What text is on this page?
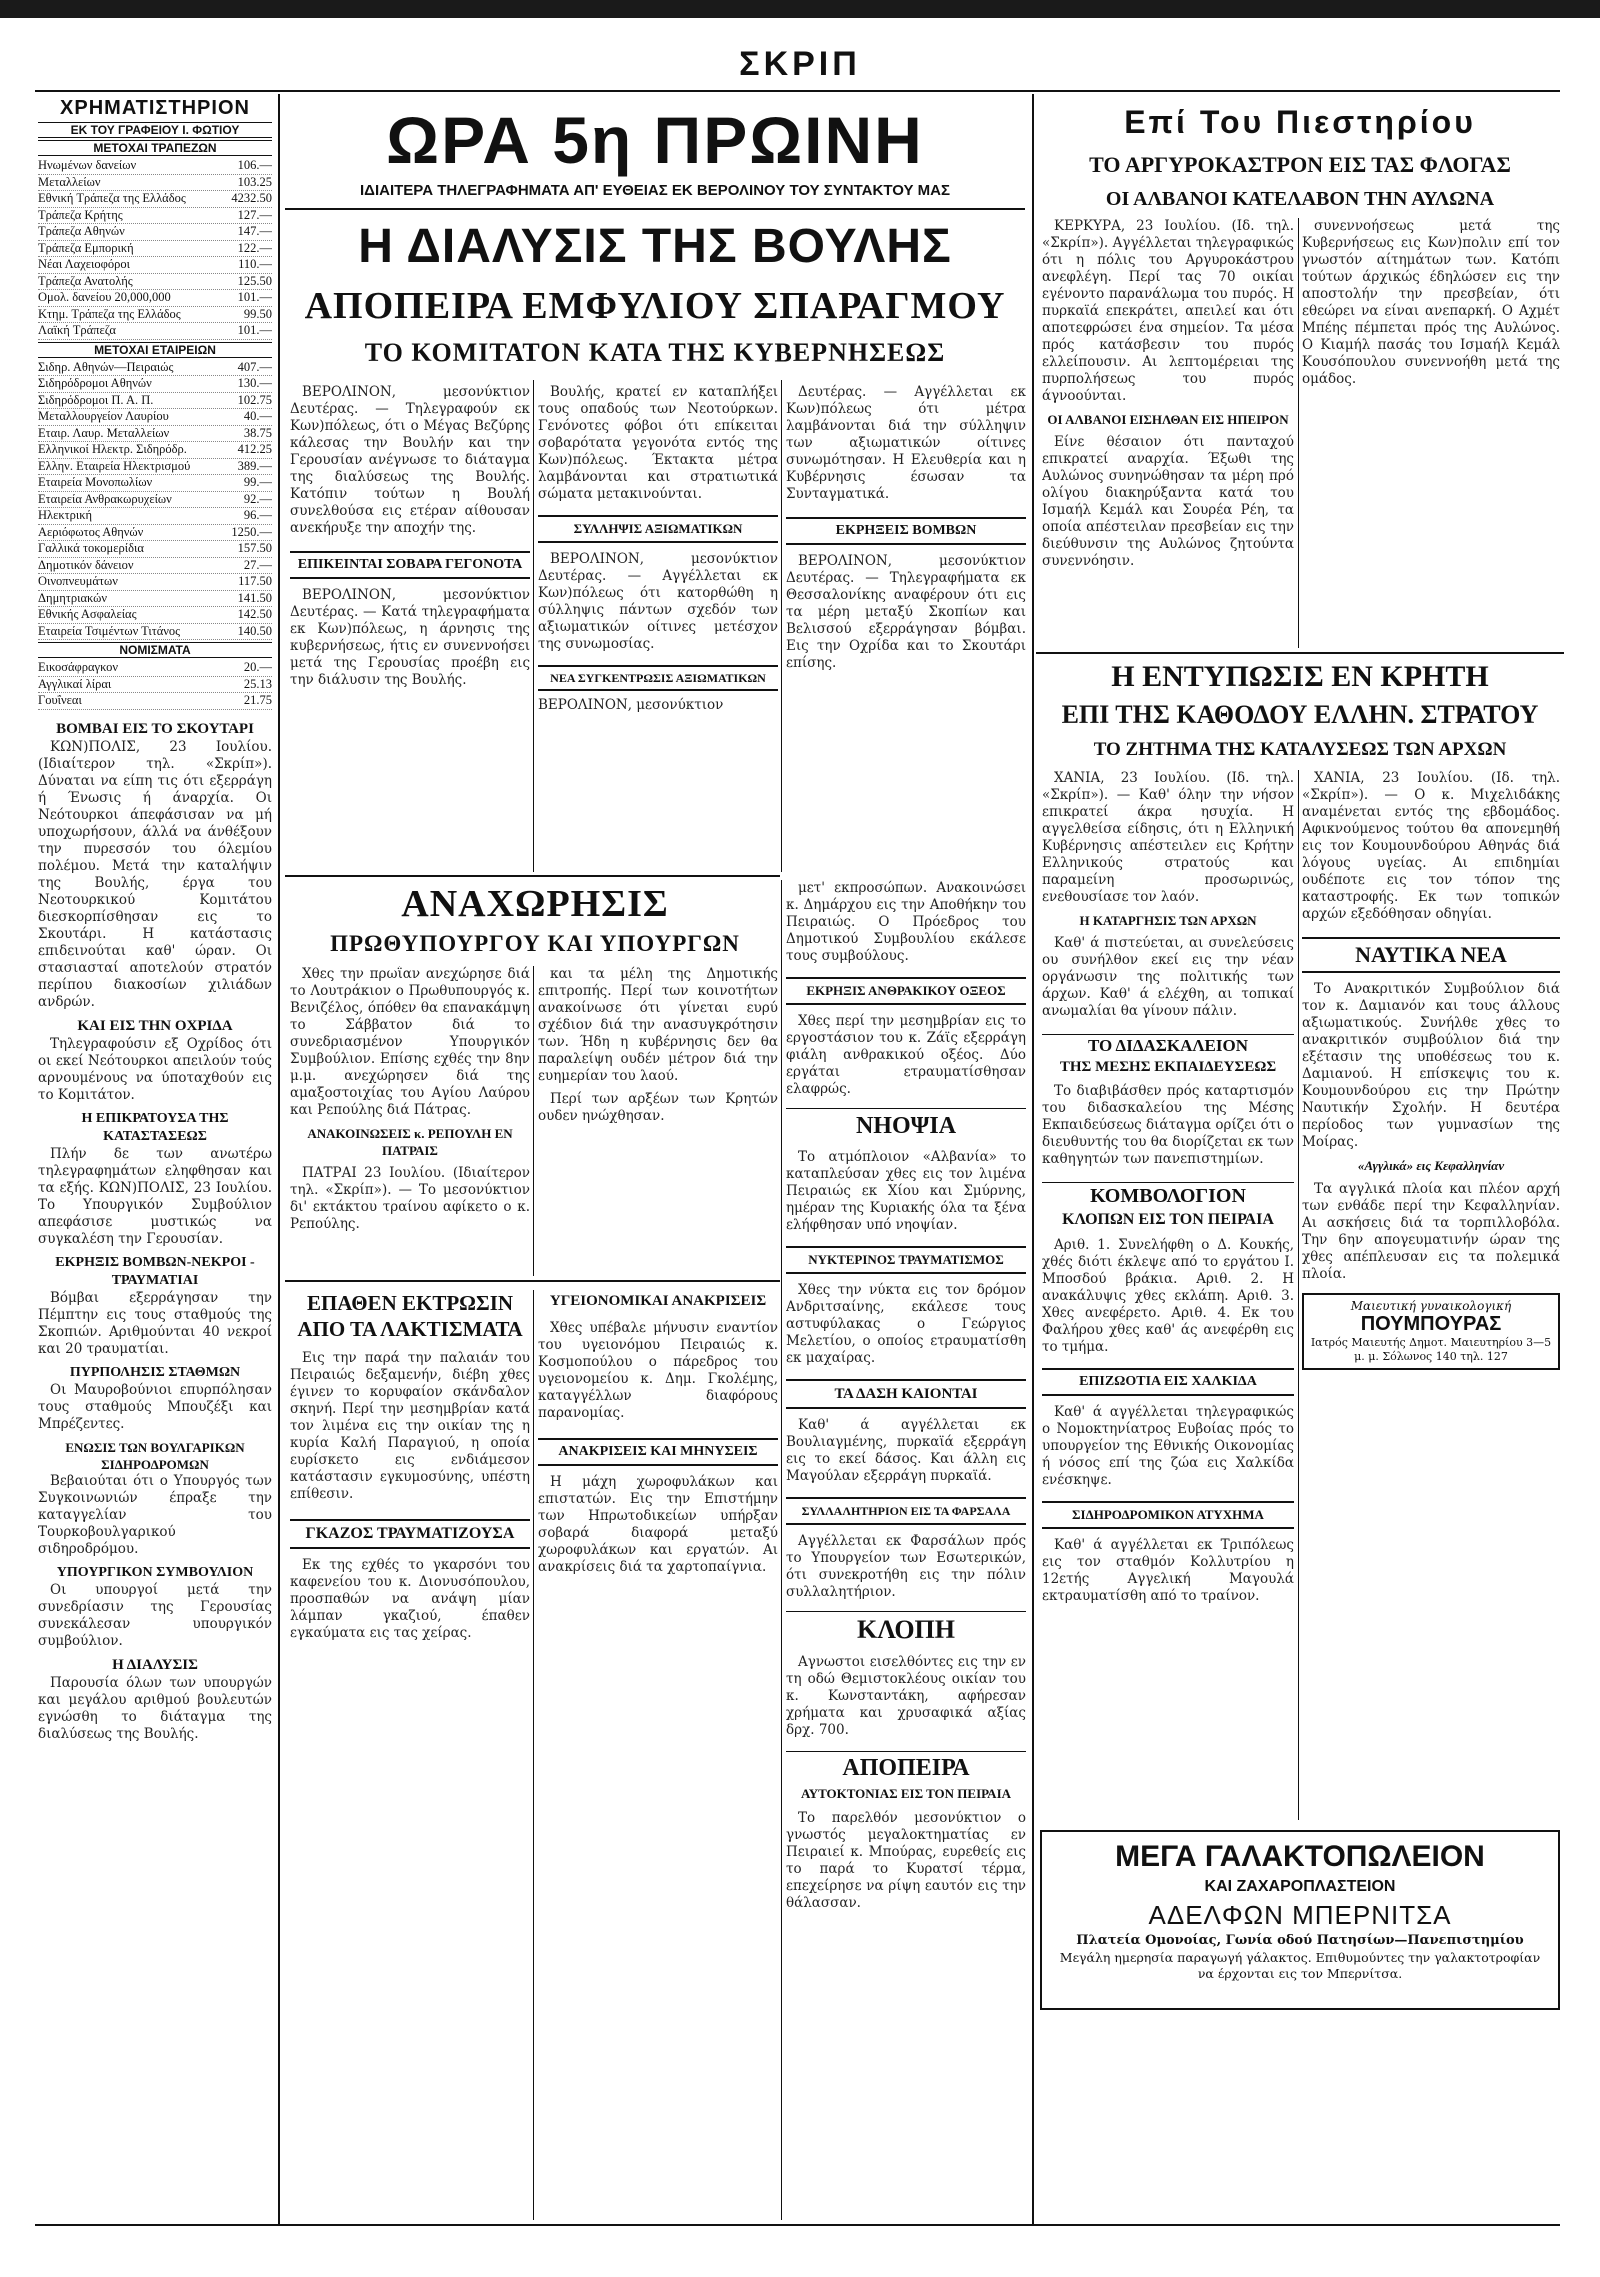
ΣΚΡΙΠ
ΧΡΗΜΑΤΙΣΤΗΡΙΟΝ
ΕΚ ΤΟΥ ΓΡΑΦΕΙΟΥ Ι. ΦΩΤΙΟΥ
ΜΕΤΟΧΑΙ ΤΡΑΠΕΖΩΝ
Ηνωμένων δανείων	106.—
Μεταλλείων	103.25
Εθνική Τράπεζα της Ελλάδος	4232.50
Τράπεζα Κρήτης	127.—
Τράπεζα Αθηνών	147.—
Τράπεζα Εμπορική	122.—
Νέαι Λαχειοφόροι	110.—
Τράπεζα Ανατολής	125.50
Ομολ. δανείου 20,000,000	101.—
Κτημ. Τράπεζα της Ελλάδος	99.50
Λαϊκή Τράπεζα	101.—
ΜΕΤΟΧΑΙ ΕΤΑΙΡΕΙΩΝ
Σιδηρ. Αθηνών—Πειραιώς	407.—
Σιδηρόδρομοι Αθηνών	130.—
Σιδηρόδρομοι Π. Α. Π.	102.75
Μεταλλουργείον Λαυρίου	40.—
Εταιρ. Λαυρ. Μεταλλείων	38.75
Ελληνικοί Ηλεκτρ. Σιδηρόδρ.	412.25
Ελλην. Εταιρεία Ηλεκτρισμού	389.—
Εταιρεία Μονοπωλίων	99.—
Εταιρεία Ανθρακωρυχείων	92.—
Ηλεκτρική	96.—
Αεριόφωτος Αθηνών	1250.—
Γαλλικά τοκομερίδια	157.50
Δημοτικόν δάνειον	27.—
Οινοπνευμάτων	117.50
Δημητριακών	141.50
Εθνικής Ασφαλείας	142.50
Εταιρεία Τσιμέντων Τιτάνος	140.50
ΝΟΜΙΣΜΑΤΑ
Εικοσάφραγκον	20.—
Αγγλικαί λίραι	25.13
Γουΐνεαι	21.75
ΒΟΜΒΑΙ ΕΙΣ ΤΟ ΣΚΟΥΤΑΡΙ
ΚΩΝ)ΠΟΛΙΣ, 23 Ιουλίου. (Ιδιαίτερον τηλ. «Σκρίπ»). Δύναται να είπη τις ότι εξερράγη ή Ένωσις ή άναρχία. Οι Νεότουρκοι άπεφάσισαν να μή υποχωρήσουν, άλλά να άνθέξουν την πυρεσσόν του όλεμίου πολέμου. Μετά την καταλήψιν της Βουλής, έργα του Νεοτουρκικού Κομιτάτου διεσκορπίσθησαν εις το Σκουτάρι. Η κατάστασις επιδεινούται καθ' ώραν. Οι στασιασταί αποτελούν στρατόν περίπου διακοσίων χιλιάδων ανδρών.
ΚΑΙ ΕΙΣ ΤΗΝ ΟΧΡΙΔΑ
Τηλεγραφούσιν εξ Οχρίδος ότι οι εκεί Νεότουρκοι απειλούν τούς αρνουμένους να ύποταχθούν εις το Κομιτάτον.
Η ΕΠΙΚΡΑΤΟΥΣΑ ΤΗΣ ΚΑΤΑΣΤΑΣΕΩΣ
Πλήν δε των ανωτέρω τηλεγραφημάτων εληφθησαν και τα εξής. ΚΩΝ)ΠΟΛΙΣ, 23 Ιουλίου. Το Υπουργικόν Συμβούλιον απεφάσισε μυστικώς να συγκαλέση την Γερουσίαν.
ΕΚΡΗΞΙΣ ΒΟΜΒΩΝ-ΝΕΚΡΟΙ - ΤΡΑΥΜΑΤΙΑΙ
Βόμβαι εξερράγησαν την Πέμπτην εις τους σταθμούς της Σκοπιών. Αριθμούνται 40 νεκροί και 20 τραυματίαι.
ΠΥΡΠΟΛΗΣΙΣ ΣΤΑΘΜΩΝ
Οι Μαυροβούνιοι επυρπόλησαν τους σταθμούς Μπουζέξι και Μπρέζεντες.
ΕΝΩΣΙΣ ΤΩΝ ΒΟΥΛΓΑΡΙΚΩΝ ΣΙΔΗΡΟΔΡΟΜΩΝ
Βεβαιούται ότι ο Υπουργός των Συγκοινωνιών έπραξε την καταγγελίαν του Τουρκοβουλγαρικού σιδηροδρόμου.
ΥΠΟΥΡΓΙΚΟΝ ΣΥΜΒΟΥΛΙΟΝ
Οι υπουργοί μετά την συνεδρίασιν της Γερουσίας συνεκάλεσαν υπουργικόν συμβούλιον.
Η ΔΙΑΛΥΣΙΣ
Παρουσία όλων των υπουργών και μεγάλου αριθμού βουλευτών εγνώσθη το διάταγμα της διαλύσεως της Βουλής.
ΩΡΑ 5η ΠΡΩΙΝΗ
ΙΔΙΑΙΤΕΡΑ ΤΗΛΕΓΡΑΦΗΜΑΤΑ ΑΠ' ΕΥΘΕΙΑΣ ΕΚ ΒΕΡΟΛΙΝΟΥ ΤΟΥ ΣΥΝΤΑΚΤΟΥ ΜΑΣ
Η ΔΙΑΛΥΣΙΣ ΤΗΣ ΒΟΥΛΗΣ
ΑΠΟΠΕΙΡΑ ΕΜΦΥΛΙΟΥ ΣΠΑΡΑΓΜΟΥ
ΤΟ ΚΟΜΙΤΑΤΟΝ ΚΑΤΑ ΤΗΣ ΚΥΒΕΡΝΗΣΕΩΣ
ΒΕΡΟΛΙΝΟΝ, μεσονύκτιον Δευτέρας. — Τηλεγραφούν εκ Κων)πόλεως, ότι ο Μέγας Βεζύρης κάλεσας την Βουλήν και την Γερουσίαν ανέγνωσε το διάταγμα της διαλύσεως της Βουλής. Κατόπιν τούτων η Βουλή συνελθούσα εις ετέραν αίθουσαν ανεκήρυξε την αποχήν της.
ΕΠΙΚΕΙΝΤΑΙ ΣΟΒΑΡΑ ΓΕΓΟΝΟΤΑ
ΒΕΡΟΛΙΝΟΝ, μεσονύκτιον Δευτέρας. — Κατά τηλεγραφήματα εκ Κων)πόλεως, η άρνησις της κυβερνήσεως, ήτις εν συνεννοήσει μετά της Γερουσίας προέβη εις την διάλυσιν της Βουλής.
Βουλής, κρατεί εν καταπλήξει τους οπαδούς των Νεοτούρκων. Γενόνοτες φόβοι ότι επίκειται σοβαρότατα γεγονότα εντός της Κων)πόλεως. Έκτακτα μέτρα λαμβάνονται και στρατιωτικά σώματα μετακινούνται.
ΣΥΛΛΗΨΙΣ ΑΞΙΩΜΑΤΙΚΩΝ
ΒΕΡΟΛΙΝΟΝ, μεσονύκτιον Δευτέρας. — Αγγέλλεται εκ Κων)πόλεως ότι κατορθώθη η σύλληψις πάντων σχεδόν των αξιωματικών οίτινες μετέσχον της συνωμοσίας.
ΝΕΑ ΣΥΓΚΕΝΤΡΩΣΙΣ ΑΞΙΩΜΑΤΙΚΩΝ
ΒΕΡΟΛΙΝΟΝ, μεσονύκτιον
Δευτέρας. — Αγγέλλεται εκ Κων)πόλεως ότι μέτρα λαμβάνονται διά την σύλληψιν των αξιωματικών οίτινες συνωμότησαν. Η Ελευθερία και η Κυβέρνησις έσωσαν τα Συνταγματικά.
ΕΚΡΗΞΕΙΣ ΒΟΜΒΩΝ
ΒΕΡΟΛΙΝΟΝ, μεσονύκτιον Δευτέρας. — Τηλεγραφήματα εκ Θεσσαλονίκης αναφέρουν ότι εις τα μέρη μεταξύ Σκοπίων και Βελισσού εξερράγησαν βόμβαι. Εις την Οχρίδα και το Σκουτάρι επίσης.
ΑΝΑΧΩΡΗΣΙΣ
ΠΡΩΘΥΠΟΥΡΓΟΥ ΚΑΙ ΥΠΟΥΡΓΩΝ
Χθες την πρωΐαν ανεχώρησε διά το Λουτράκιον ο Πρωθυπουργός κ. Βενιζέλος, όπόθεν θα επανακάμψη το Σάββατον διά το συνεδριασμένον Υπουργικόν Συμβούλιον. Επίσης εχθές την 8ην μ.μ. ανεχώρησεν διά της αμαξοστοιχίας του Αγίου Λαύρου και Ρεπούλης διά Πάτρας.
ΑΝΑΚΟΙΝΩΣΕΙΣ κ. ΡΕΠΟΥΛΗ ΕΝ ΠΑΤΡΑΙΣ
ΠΑΤΡΑΙ 23 Ιουλίου. (Ιδιαίτερον τηλ. «Σκρίπ»). — Το μεσονύκτιον δι' εκτάκτου τραίνου αφίκετο ο κ. Ρεπούλης.
και τα μέλη της Δημοτικής επιτροπής. Περί των κοινοτήτων ανακοίνωσε ότι γίνεται ευρύ σχέδιον διά την ανασυγκρότησιν των. Ήδη η κυβέρνησις δεν θα παραλείψη ουδέν μέτρον διά την ευημερίαν του λαού.
Περί των αρξέων των Κρητών ουδεν ηνώχθησαν.
ΕΠΑΘΕΝ ΕΚΤΡΩΣΙΝ
ΑΠΟ ΤΑ ΛΑΚΤΙΣΜΑΤΑ
Εις την παρά την παλαιάν του Πειραιώς δεξαμενήν, διέβη χθες έγινεν το κορυφαίον σκάνδαλον σκηνή. Περί την μεσημβρίαν κατά τον λιμένα εις την οικίαν της η κυρία Καλή Παραγιού, η οποία ευρίσκετο εις ενδιάμεσον κατάστασιν εγκυμοσύνης, υπέστη επίθεσιν.
ΓΚΑΖΟΣ ΤΡΑΥΜΑΤΙΖΟΥΣΑ
Εκ της εχθές το γκαρσόνι του καφενείου του κ. Διονυσόπουλου, προσπαθών να ανάψη μίαν λάμπαν γκαζιού, έπαθεν εγκαύματα εις τας χείρας.
ΥΓΕΙΟΝΟΜΙΚΑΙ ΑΝΑΚΡΙΣΕΙΣ
Χθες υπέβαλε μήνυσιν εναντίον του υγειονόμου Πειραιώς κ. Κοσμοπούλου ο πάρεδρος του υγειονομείου κ. Δημ. Γκολέμης, καταγγέλλων διαφόρους παρανομίας.
ΑΝΑΚΡΙΣΕΙΣ ΚΑΙ ΜΗΝΥΣΕΙΣ
Η μάχη χωροφυλάκων και επιστατών. Εις την Επιστήμην των Ηπρωτοδικείων υπήρξαν σοβαρά διαφορά μεταξύ χωροφυλάκων και εργατών. Αι ανακρίσεις διά τα χαρτοπαίγνια.
μετ' εκπροσώπων. Ανακοινώσει κ. Δημάρχου εις την Αποθήκην του Πειραιώς. Ο Πρόεδρος του Δημοτικού Συμβουλίου εκάλεσε τους συμβούλους.
ΕΚΡΗΞΙΣ ΑΝΘΡΑΚΙΚΟΥ ΟΞΕΟΣ
Χθες περί την μεσημβρίαν εις το εργοστάσιον του κ. Ζάϊς εξερράγη φιάλη ανθρακικού οξέος. Δύο εργάται ετραυματίσθησαν ελαφρώς.
ΝΗΟΨΙΑ
Το ατμόπλοιον «Αλβανία» το καταπλεύσαν χθες εις τον λιμένα Πειραιώς εκ Χίου και Σμύρνης, ημέραν της Κυριακής όλα τα ξένα ελήφθησαν υπό νηοψίαν.
ΝΥΚΤΕΡΙΝΟΣ ΤΡΑΥΜΑΤΙΣΜΟΣ
Χθες την νύκτα εις τον δρόμον Ανδριτσαίνης, εκάλεσε τους αστυφύλακας ο Γεώργιος Μελετίου, ο οποίος ετραυματίσθη εκ μαχαίρας.
ΤΑ ΔΑΣΗ ΚΑΙΟΝΤΑΙ
Καθ' ά αγγέλλεται εκ Βουλιαγμένης, πυρκαϊά εξερράγη εις το εκεί δάσος. Και άλλη εις Μαγούλαν εξερράγη πυρκαϊά.
ΣΥΛΛΑΛΗΤΗΡΙΟΝ ΕΙΣ ΤΑ ΦΑΡΣΑΛΑ
Αγγέλλεται εκ Φαρσάλων πρός το Υπουργείον των Εσωτερικών, ότι συνεκροτήθη εις την πόλιν συλλαλητήριον.
ΚΛΟΠΗ
Αγνωστοι εισελθόντες εις την εν τη οδώ Θεμιστοκλέους οικίαν του κ. Κωνσταντάκη, αφήρεσαν χρήματα και χρυσαφικά αξίας δρχ. 700.
ΑΠΟΠΕΙΡΑ
ΑΥΤΟΚΤΟΝΙΑΣ ΕΙΣ ΤΟΝ ΠΕΙΡΑΙΑ
Το παρελθόν μεσονύκτιον ο γνωστός μεγαλοκτηματίας εν Πειραιεί κ. Μπούρας, ευρεθείς εις το παρά το Κυρατσί τέρμα, επεχείρησε να ρίψη εαυτόν εις την θάλασσαν.
Επί Του Πιεστηρίου
ΤΟ ΑΡΓΥΡΟΚΑΣΤΡΟΝ ΕΙΣ ΤΑΣ ΦΛΟΓΑΣ
ΟΙ ΑΛΒΑΝΟΙ ΚΑΤΕΛΑΒΟΝ ΤΗΝ ΑΥΛΩΝΑ
ΚΕΡΚΥΡΑ, 23 Ιουλίου. (Ιδ. τηλ. «Σκρίπ»). Αγγέλλεται τηλεγραφικώς ότι η πόλις του Αργυροκάστρου ανεφλέγη. Περί τας 70 οικίαι εγένοντο παρανάλωμα του πυρός. Η πυρκαϊά επεκράτει, απειλεί και ότι αποτεφρώσει ένα σημείον. Τα μέσα πρός κατάσβεσιν του πυρός ελλείπουσιν. Αι λεπτομέρειαι της πυρπολήσεως του πυρός άγνοούνται.
ΟΙ ΑΛΒΑΝΟΙ ΕΙΣΗΛΘΑΝ ΕΙΣ ΗΠΕΙΡΟΝ
Είνε θέσαιον ότι πανταχού επικρατεί αναρχία. Έξωθι της Αυλώνος συνηνώθησαν τα μέρη πρό ολίγου διακηρύξαντα κατά του Ισμαήλ Κεμάλ και Σουρέα Ρέη, τα οποία απέστειλαν πρεσβείαν εις την διεύθυνσιν της Αυλώνος ζητούντα συνεννόησιν.
συνεννοήσεως μετά της Κυβερνήσεως εις Κων)πολιν επί τον γνωστόν αίτημάτων των. Κατόπι τούτων άρχικώς έδηλώσεν εις την αποστολήν την πρεσβείαν, ότι εθεώρει να είναι ανεπαρκή. Ο Αχμέτ Μπέης πέμπεται πρός της Αυλώνος. Ο Κιαμήλ πασάς του Ισμαήλ Κεμάλ Κουσόπουλου συνεννοήθη μετά της ομάδος.
Η ΕΝΤΥΠΩΣΙΣ ΕΝ ΚΡΗΤΗ
ΕΠΙ ΤΗΣ ΚΑΘΟΔΟΥ ΕΛΛΗΝ. ΣΤΡΑΤΟΥ
ΤΟ ΖΗΤΗΜΑ ΤΗΣ ΚΑΤΑΛΥΣΕΩΣ ΤΩΝ ΑΡΧΩΝ
ΧΑΝΙΑ, 23 Ιουλίου. (Ιδ. τηλ. «Σκρίπ»). — Καθ' όλην την νήσον επικρατεί άκρα ησυχία. Η αγγελθείσα είδησις, ότι η Ελληνική Κυβέρνησις απέστειλεν εις Κρήτην Ελληνικούς στρατούς και παραμείνη προσωρινώς, ενεθουσίασε τον λαόν.
Η ΚΑΤΑΡΓΗΣΙΣ ΤΩΝ ΑΡΧΩΝ
Καθ' ά πιστεύεται, αι συνελεύσεις ου συνήλθον εκεί εις την νέαν οργάνωσιν της πολιτικής των άρχων. Καθ' ά ελέχθη, αι τοπικαί ανωμαλίαι θα γίνουν πάλιν.
ΤΟ ΔΙΔΑΣΚΑΛΕΙΟΝ
ΤΗΣ ΜΕΣΗΣ ΕΚΠΑΙΔΕΥΣΕΩΣ
Το διαβιβάσθεν πρός καταρτισμόν του διδασκαλείου της Μέσης Εκπαιδεύσεως διάταγμα ορίζει ότι ο διευθυντής του θα διορίζεται εκ των καθηγητών των πανεπιστημίων.
ΚΟΜΒΟΛΟΓΙΟΝ
ΚΛΟΠΩΝ ΕΙΣ ΤΟΝ ΠΕΙΡΑΙΑ
Αριθ. 1. Συνελήφθη ο Δ. Κουκής, χθές διότι έκλεψε από το εργάτου Ι. Μποσδού βράκια. Αριθ. 2. Η ανακάλυψις χθες εκλάπη. Αριθ. 3. Χθες ανεφέρετο. Αριθ. 4. Εκ του Φαλήρου χθες καθ' άς ανεφέρθη εις το τμήμα.
ΕΠΙΖΩΟΤΙΑ ΕΙΣ ΧΑΛΚΙΔΑ
Καθ' ά αγγέλλεται τηλεγραφικώς ο Νομοκτηνίατρος Ευβοίας πρός το υπουργείον της Εθνικής Οικονομίας ή νόσος επί της ζώα εις Χαλκίδα ενέσκηψε.
ΣΙΔΗΡΟΔΡΟΜΙΚΟΝ ΑΤΥΧΗΜΑ
Καθ' ά αγγέλλεται εκ Τριπόλεως εις τον σταθμόν Κολλυτρίου η 12ετής Αγγελική Μαγουλά εκτραυματίσθη από το τραίνον.
ΧΑΝΙΑ, 23 Ιουλίου. (Ιδ. τηλ. «Σκρίπ»). — Ο κ. Μιχελιδάκης αναμένεται εντός της εβδομάδος. Αφικνούμενος τούτου θα απονεμηθή εις τον Κουμουνδούρου Αθηνάς διά λόγους υγείας. Αι επιδημίαι ουδέποτε εις τον τόπον της καταστροφής. Εκ των τοπικών αρχών εξεδόθησαν οδηγίαι.
ΝΑΥΤΙΚΑ ΝΕΑ
Το Ανακριτικόν Συμβούλιον διά τον κ. Δαμιανόν και τους άλλους αξιωματικούς. Συνήλθε χθες το ανακριτικόν συμβούλιον διά την εξέτασιν της υποθέσεως του κ. Δαμιανού. Η επίσκεψις του κ. Κουμουνδούρου εις την Πρώτην Ναυτικήν Σχολήν. Η δευτέρα περίοδος των γυμνασίων της Μοίρας.
«Αγγλικά» εις Κεφαλληνίαν
Τα αγγλικά πλοία και πλέον αρχή των ενθάδε περί την Κεφαλληνίαν. Αι ασκήσεις διά τα τορπιλλοβόλα. Την 6ην απογευματινήν ώραν της χθες απέπλευσαν εις τα πολεμικά πλοία.
Μαιευτική γυναικολογική
ΠΟΥΜΠΟΥΡΑΣ
Ιατρός Μαιευτής Δημοτ. Μαιευτηρίου 3—5 μ. μ. Σόλωνος 140 τηλ. 127
ΜΕΓΑ ΓΑΛΑΚΤΟΠΩΛΕΙΟΝ
ΚΑΙ ΖΑΧΑΡΟΠΛΑΣΤΕΙΟΝ
ΑΔΕΛΦΩΝ ΜΠΕΡΝΙΤΣΑ
Πλατεία Ομονοίας, Γωνία οδού Πατησίων—Πανεπιστημίου
Μεγάλη ημερησία παραγωγή γάλακτος. Επιθυμούντες την γαλακτοτροφίαν να έρχονται εις τον Μπερνίτσα.
